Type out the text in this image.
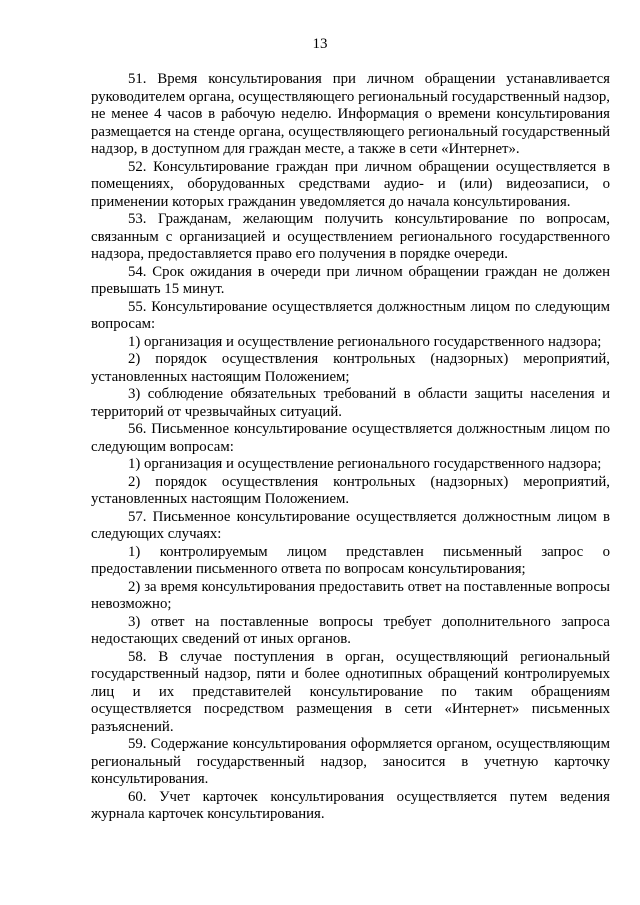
13

51. Время консультирования при личном обращении устанавливается руководителем органа, осуществляющего региональный государственный надзор, не менее 4 часов в рабочую неделю. Информация о времени консультирования размещается на стенде органа, осуществляющего региональный государственный надзор, в доступном для граждан месте, а также в сети «Интернет».

52. Консультирование граждан при личном обращении осуществляется в помещениях, оборудованных средствами аудио- и (или) видеозаписи, о применении которых гражданин уведомляется до начала консультирования.

53. Гражданам, желающим получить консультирование по вопросам, связанным с организацией и осуществлением регионального государственного надзора, предоставляется право его получения в порядке очереди.

54. Срок ожидания в очереди при личном обращении граждан не должен превышать 15 минут.

55. Консультирование осуществляется должностным лицом по следующим вопросам:

1) организация и осуществление регионального государственного надзора;

2) порядок осуществления контрольных (надзорных) мероприятий, установленных настоящим Положением;

3) соблюдение обязательных требований в области защиты населения и территорий от чрезвычайных ситуаций.

56. Письменное консультирование осуществляется должностным лицом по следующим вопросам:

1) организация и осуществление регионального государственного надзора;

2) порядок осуществления контрольных (надзорных) мероприятий, установленных настоящим Положением.

57. Письменное консультирование осуществляется должностным лицом в следующих случаях:

1) контролируемым лицом представлен письменный запрос о предоставлении письменного ответа по вопросам консультирования;

2) за время консультирования предоставить ответ на поставленные вопросы невозможно;

3) ответ на поставленные вопросы требует дополнительного запроса недостающих сведений от иных органов.

58. В случае поступления в орган, осуществляющий региональный государственный надзор, пяти и более однотипных обращений контролируемых лиц и их представителей консультирование по таким обращениям осуществляется посредством размещения в сети «Интернет» письменных разъяснений.

59. Содержание консультирования оформляется органом, осуществляющим региональный государственный надзор, заносится в учетную карточку консультирования.

60. Учет карточек консультирования осуществляется путем ведения журнала карточек консультирования.
